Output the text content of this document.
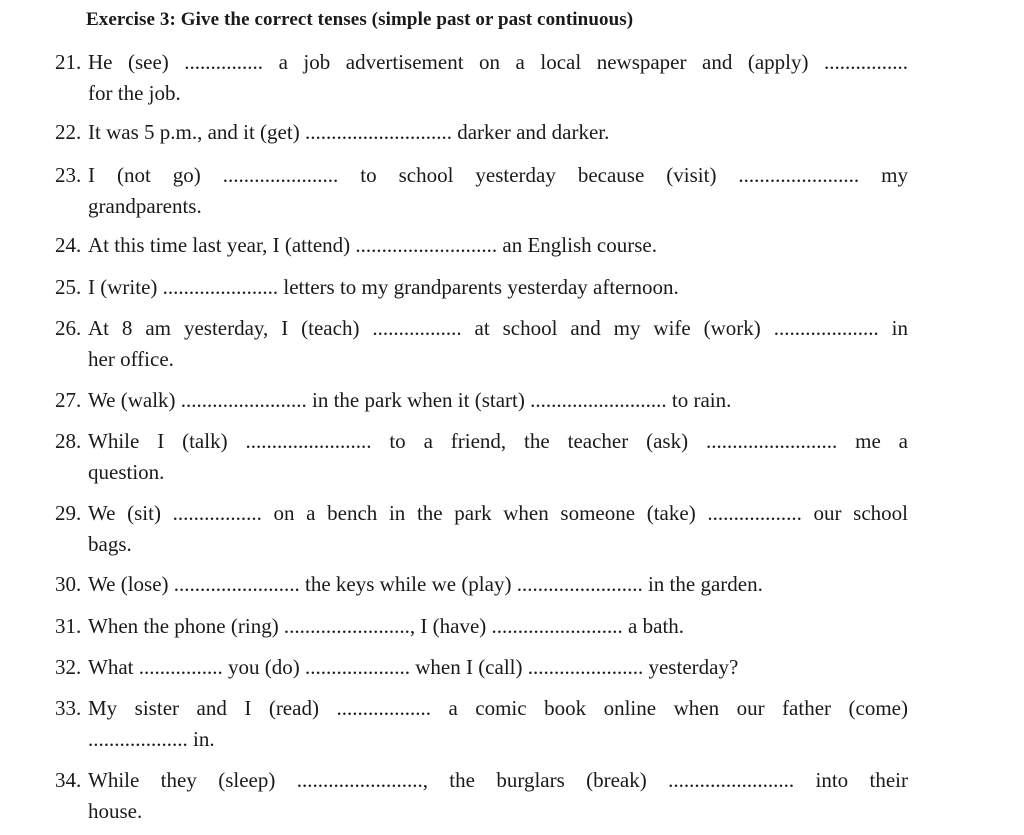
Exercise 3: Give the correct tenses (simple past or past continuous)
21. He (see) ............... a job advertisement on a local newspaper and (apply) ................
for the job.
22. It was 5 p.m., and it (get) ............................ darker and darker.
23. I (not go) ...................... to school yesterday because (visit) ....................... my
grandparents.
24. At this time last year, I (attend) ........................... an English course.
25. I (write) ...................... letters to my grandparents yesterday afternoon.
26. At 8 am yesterday, I (teach) ................. at school and my wife (work) .................... in
her office.
27. We (walk) ........................ in the park when it (start) .......................... to rain.
28. While I (talk) ........................ to a friend, the teacher (ask) ......................... me a
question.
29. We (sit) ................. on a bench in the park when someone (take) .................. our school
bags.
30. We (lose) ........................ the keys while we (play) ........................ in the garden.
31. When the phone (ring) ........................, I (have) ......................... a bath.
32. What ................ you (do) .................... when I (call) ...................... yesterday?
33. My sister and I (read) .................. a comic book online when our father (come)
................... in.
34. While they (sleep) ........................, the burglars (break) ........................ into their
house.
